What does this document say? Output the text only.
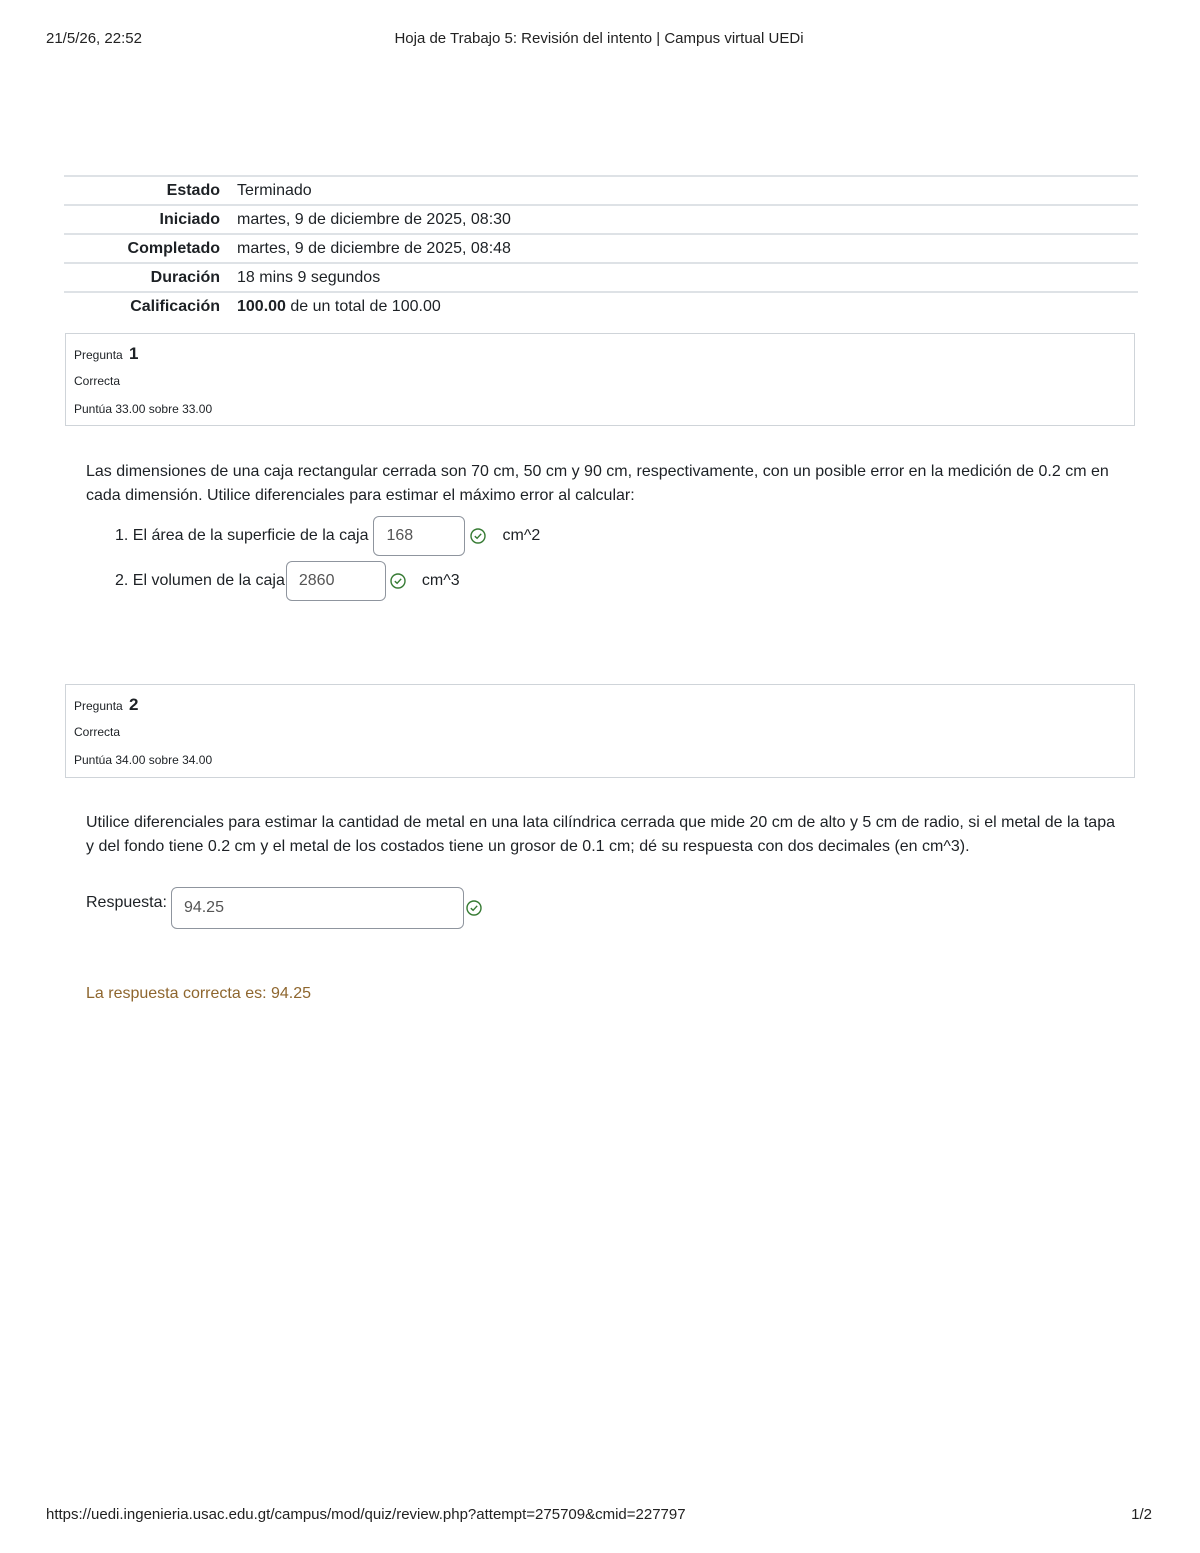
21/5/26, 22:52	Hoja de Trabajo 5: Revisión del intento | Campus virtual UEDi
Estado	Terminado
Iniciado	martes, 9 de diciembre de 2025, 08:30
Completado	martes, 9 de diciembre de 2025, 08:48
Duración	18 mins 9 segundos
Calificación	100.00 de un total de 100.00
Pregunta 1
Correcta
Puntúa 33.00 sobre 33.00
Las dimensiones de una caja rectangular cerrada son 70 cm, 50 cm y 90 cm, respectivamente, con un posible error en la medición de 0.2 cm en cada dimensión. Utilice diferenciales para estimar el máximo error al calcular:
1. El área de la superficie de la caja	168	cm^2
2. El volumen de la caja 2860	cm^3
Pregunta 2
Correcta
Puntúa 34.00 sobre 34.00
Utilice diferenciales para estimar la cantidad de metal en una lata cilíndrica cerrada que mide 20 cm de alto y 5 cm de radio, si el metal de la tapa y del fondo tiene 0.2 cm y el metal de los costados tiene un grosor de 0.1 cm; dé su respuesta con dos decimales (en cm^3).
Respuesta:	94.25
La respuesta correcta es: 94.25
https://uedi.ingenieria.usac.edu.gt/campus/mod/quiz/review.php?attempt=275709&cmid=227797	1/2
